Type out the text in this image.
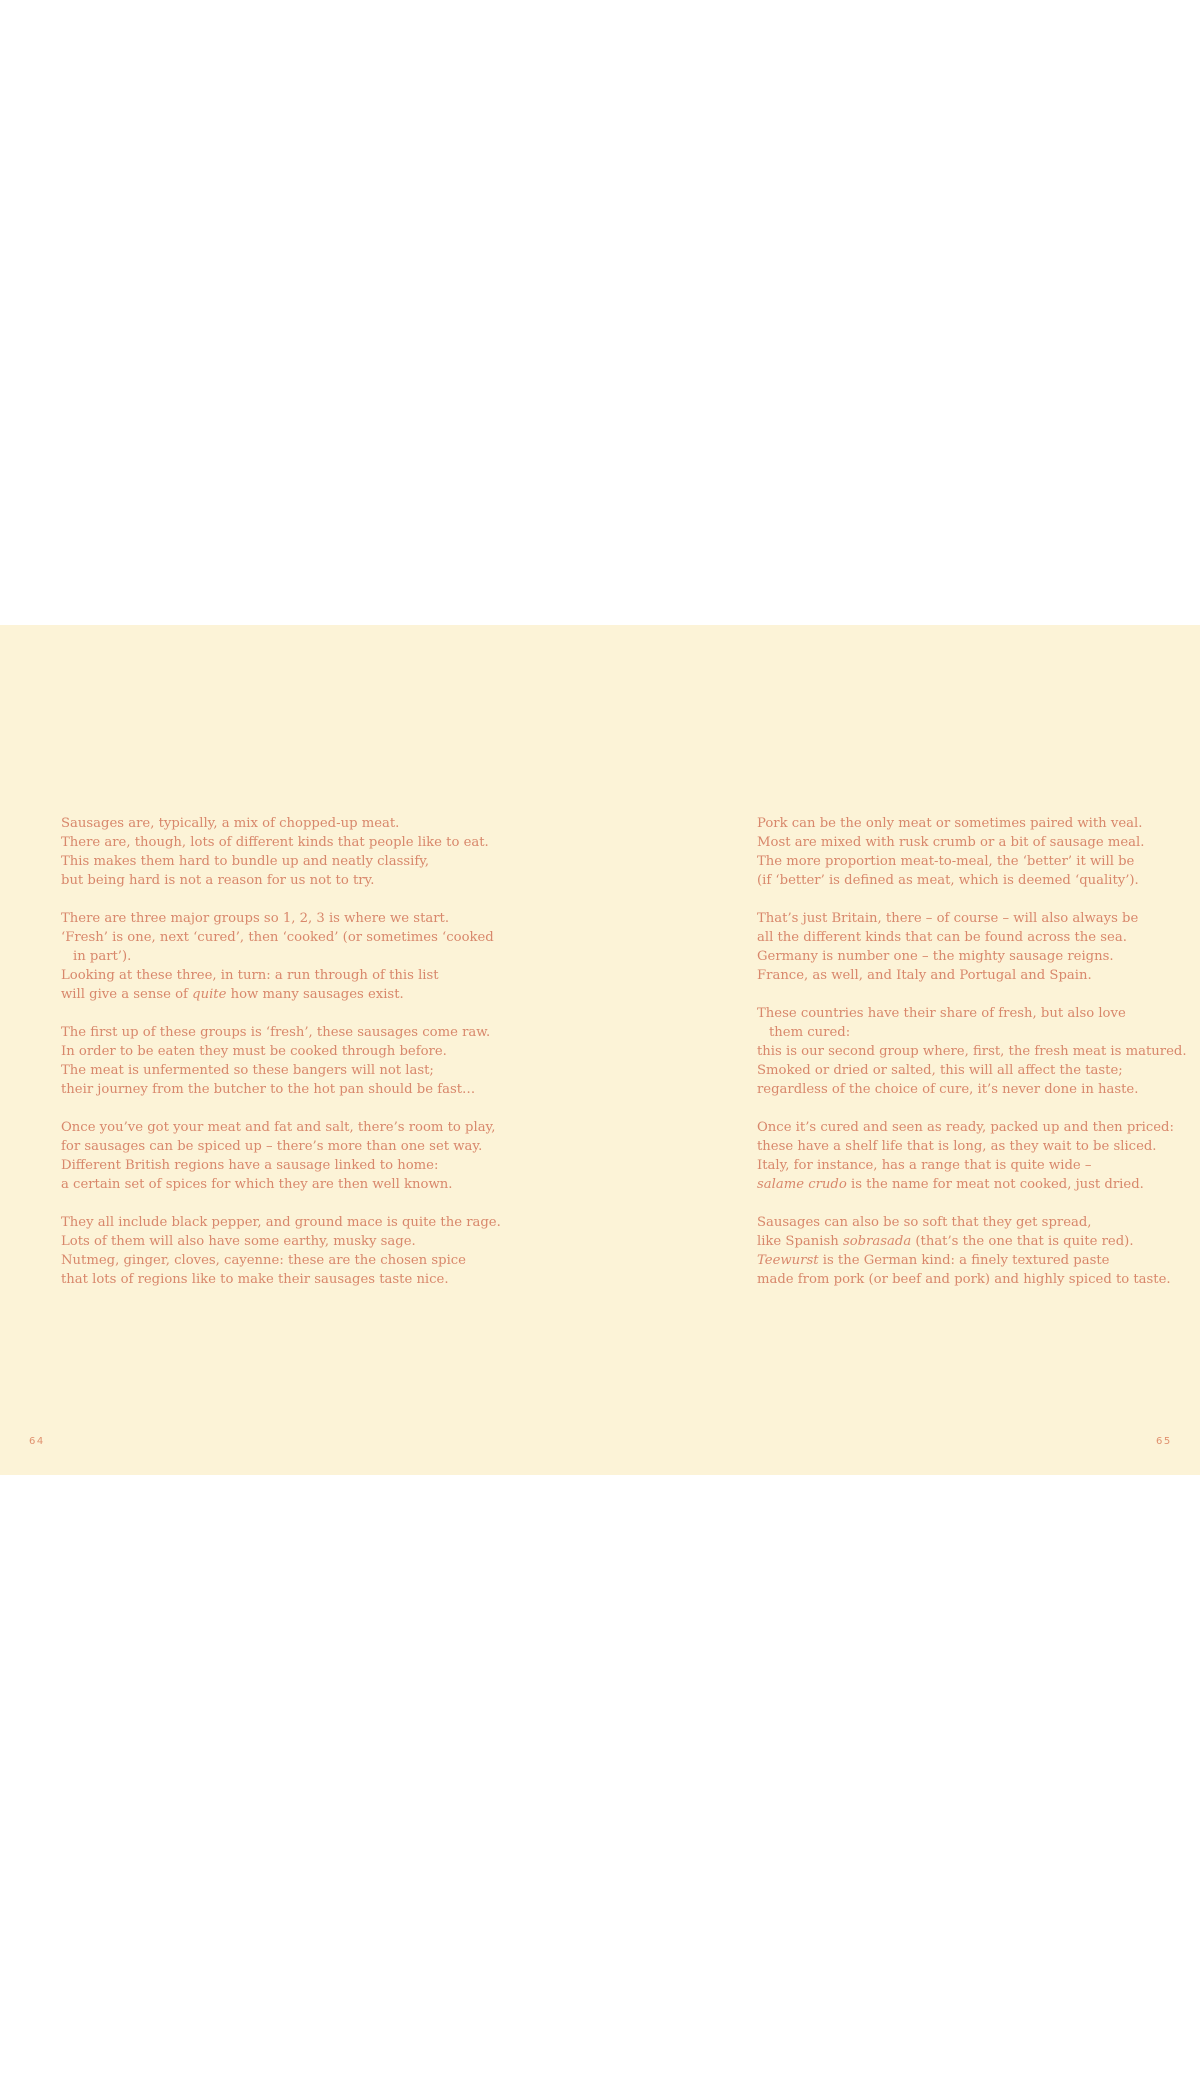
Sausages are, typically, a mix of chopped-up meat.
There are, though, lots of different kinds that people like to eat.
This makes them hard to bundle up and neatly classify,
but being hard is not a reason for us not to try.
There are three major groups so 1, 2, 3 is where we start.
‘Fresh’ is one, next ‘cured’, then ‘cooked’ (or sometimes ‘cooked
in part’).
Looking at these three, in turn: a run through of this list
will give a sense of quite how many sausages exist.
The first up of these groups is ‘fresh’, these sausages come raw.
In order to be eaten they must be cooked through before.
The meat is unfermented so these bangers will not last;
their journey from the butcher to the hot pan should be fast…
Once you’ve got your meat and fat and salt, there’s room to play,
for sausages can be spiced up – there’s more than one set way.
Different British regions have a sausage linked to home:
a certain set of spices for which they are then well known.
They all include black pepper, and ground mace is quite the rage.
Lots of them will also have some earthy, musky sage.
Nutmeg, ginger, cloves, cayenne: these are the chosen spice
that lots of regions like to make their sausages taste nice.
Pork can be the only meat or sometimes paired with veal.
Most are mixed with rusk crumb or a bit of sausage meal.
The more proportion meat-to-meal, the ‘better’ it will be
(if ‘better’ is defined as meat, which is deemed ‘quality’).
That’s just Britain, there – of course – will also always be
all the different kinds that can be found across the sea.
Germany is number one – the mighty sausage reigns.
France, as well, and Italy and Portugal and Spain.
These countries have their share of fresh, but also love
them cured:
this is our second group where, first, the fresh meat is matured.
Smoked or dried or salted, this will all affect the taste;
regardless of the choice of cure, it’s never done in haste.
Once it’s cured and seen as ready, packed up and then priced:
these have a shelf life that is long, as they wait to be sliced.
Italy, for instance, has a range that is quite wide –
salame crudo is the name for meat not cooked, just dried.
Sausages can also be so soft that they get spread,
like Spanish sobrasada (that’s the one that is quite red).
Teewurst is the German kind: a finely textured paste
made from pork (or beef and pork) and highly spiced to taste.
64	65
